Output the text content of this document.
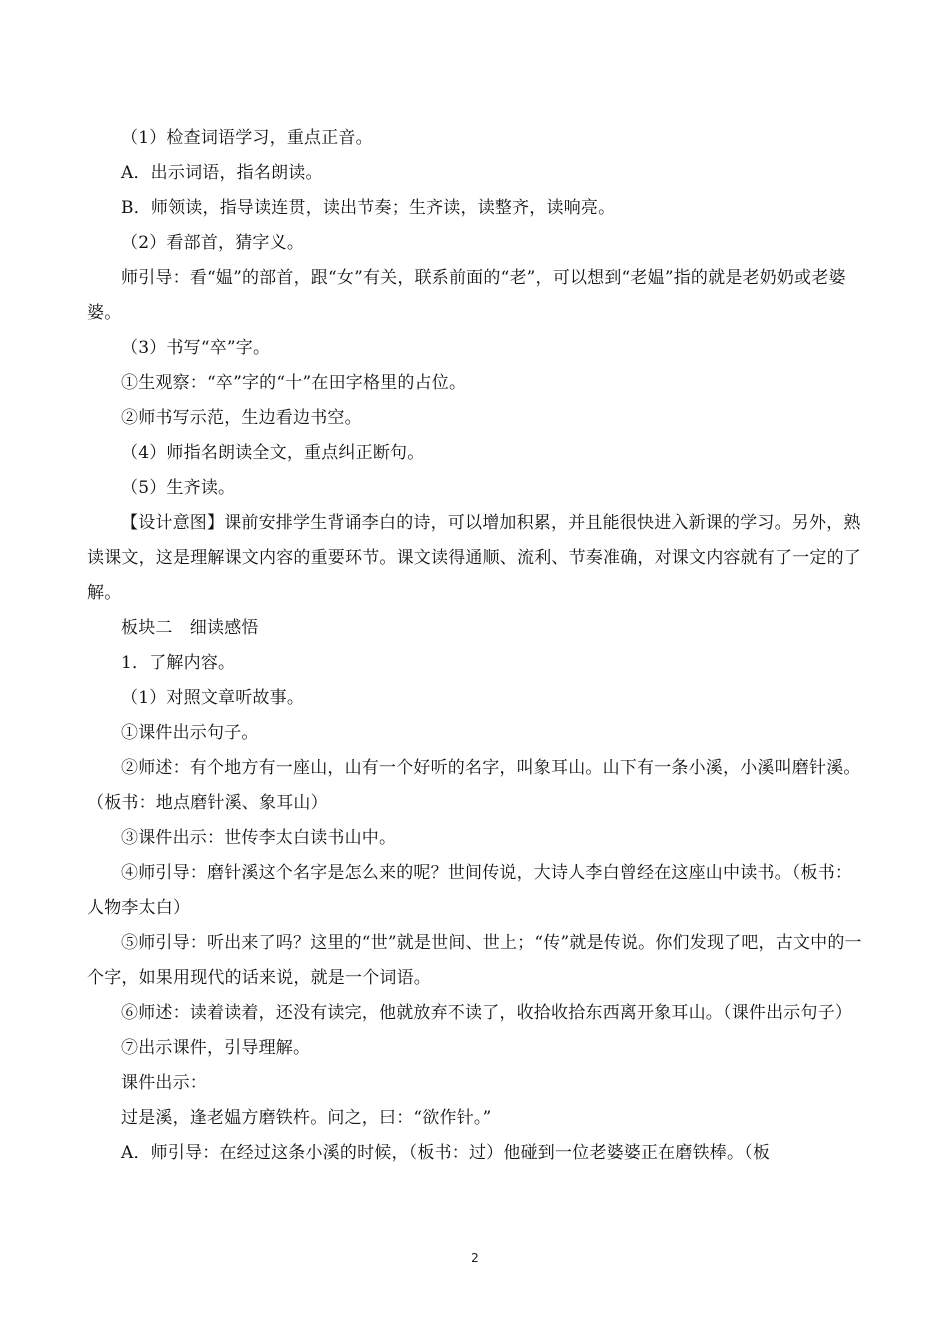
（1）检查词语学习，重点正音。

A．出示词语，指名朗读。

B．师领读，指导读连贯，读出节奏；生齐读，读整齐，读响亮。

（2）看部首，猜字义。

师引导：看“媪”的部首，跟“女”有关，联系前面的“老”，可以想到“老媪”指的就是老奶奶或老婆婆。

（3）书写“卒”字。

①生观察：“卒”字的“十”在田字格里的占位。

②师书写示范，生边看边书空。

（4）师指名朗读全文，重点纠正断句。

（5）生齐读。

【设计意图】课前安排学生背诵李白的诗，可以增加积累，并且能很快进入新课的学习。另外，熟读课文，这是理解课文内容的重要环节。课文读得通顺、流利、节奏准确，对课文内容就有了一定的了解。

板块二　细读感悟

1．了解内容。

（1）对照文章听故事。

①课件出示句子。

②师述：有个地方有一座山，山有一个好听的名字，叫象耳山。山下有一条小溪，小溪叫磨针溪。（板书：地点磨针溪、象耳山）

③课件出示：世传李太白读书山中。

④师引导：磨针溪这个名字是怎么来的呢？世间传说，大诗人李白曾经在这座山中读书。（板书：人物李太白）

⑤师引导：听出来了吗？这里的“世”就是世间、世上；“传”就是传说。你们发现了吧，古文中的一个字，如果用现代的话来说，就是一个词语。

⑥师述：读着读着，还没有读完，他就放弃不读了，收拾收拾东西离开象耳山。（课件出示句子）

⑦出示课件，引导理解。

课件出示：

过是溪，逢老媪方磨铁杵。问之，曰：“欲作针。”

A．师引导：在经过这条小溪的时候，（板书：过）他碰到一位老婆婆正在磨铁棒。（板

2
